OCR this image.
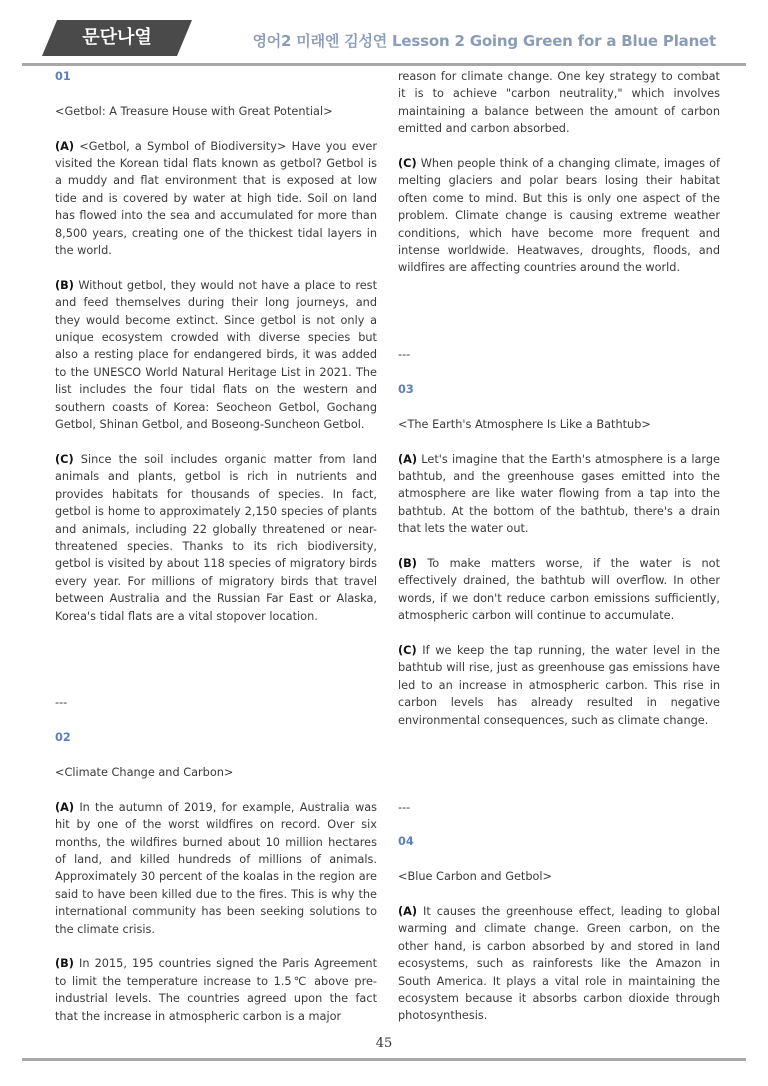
문단나열	영어2 미래엔 김성연 Lesson 2 Going Green for a Blue Planet

01

<Getbol: A Treasure House with Great Potential>

(A) <Getbol, a Symbol of Biodiversity> Have you ever visited the Korean tidal flats known as getbol? Getbol is a muddy and flat environment that is exposed at low tide and is covered by water at high tide. Soil on land has flowed into the sea and accumulated for more than 8,500 years, creating one of the thickest tidal layers in the world.

(B) Without getbol, they would not have a place to rest and feed themselves during their long journeys, and they would become extinct. Since getbol is not only a unique ecosystem crowded with diverse species but also a resting place for endangered birds, it was added to the UNESCO World Natural Heritage List in 2021. The list includes the four tidal flats on the western and southern coasts of Korea: Seocheon Getbol, Gochang Getbol, Shinan Getbol, and Boseong-Suncheon Getbol.

(C) Since the soil includes organic matter from land animals and plants, getbol is rich in nutrients and provides habitats for thousands of species. In fact, getbol is home to approximately 2,150 species of plants and animals, including 22 globally threatened or near-threatened species. Thanks to its rich biodiversity, getbol is visited by about 118 species of migratory birds every year. For millions of migratory birds that travel between Australia and the Russian Far East or Alaska, Korea's tidal flats are a vital stopover location.

---

02

<Climate Change and Carbon>

(A) In the autumn of 2019, for example, Australia was hit by one of the worst wildfires on record. Over six months, the wildfires burned about 10 million hectares of land, and killed hundreds of millions of animals. Approximately 30 percent of the koalas in the region are said to have been killed due to the fires. This is why the international community has been seeking solutions to the climate crisis.

(B) In 2015, 195 countries signed the Paris Agreement to limit the temperature increase to 1.5℃ above pre-industrial levels. The countries agreed upon the fact that the increase in atmospheric carbon is a major

reason for climate change. One key strategy to combat it is to achieve "carbon neutrality," which involves maintaining a balance between the amount of carbon emitted and carbon absorbed.

(C) When people think of a changing climate, images of melting glaciers and polar bears losing their habitat often come to mind. But this is only one aspect of the problem. Climate change is causing extreme weather conditions, which have become more frequent and intense worldwide. Heatwaves, droughts, floods, and wildfires are affecting countries around the world.

---

03

<The Earth's Atmosphere Is Like a Bathtub>

(A) Let's imagine that the Earth's atmosphere is a large bathtub, and the greenhouse gases emitted into the atmosphere are like water flowing from a tap into the bathtub. At the bottom of the bathtub, there's a drain that lets the water out.

(B) To make matters worse, if the water is not effectively drained, the bathtub will overflow. In other words, if we don't reduce carbon emissions sufficiently, atmospheric carbon will continue to accumulate.

(C) If we keep the tap running, the water level in the bathtub will rise, just as greenhouse gas emissions have led to an increase in atmospheric carbon. This rise in carbon levels has already resulted in negative environmental consequences, such as climate change.

---

04

<Blue Carbon and Getbol>

(A) It causes the greenhouse effect, leading to global warming and climate change. Green carbon, on the other hand, is carbon absorbed by and stored in land ecosystems, such as rainforests like the Amazon in South America. It plays a vital role in maintaining the ecosystem because it absorbs carbon dioxide through photosynthesis.

45
